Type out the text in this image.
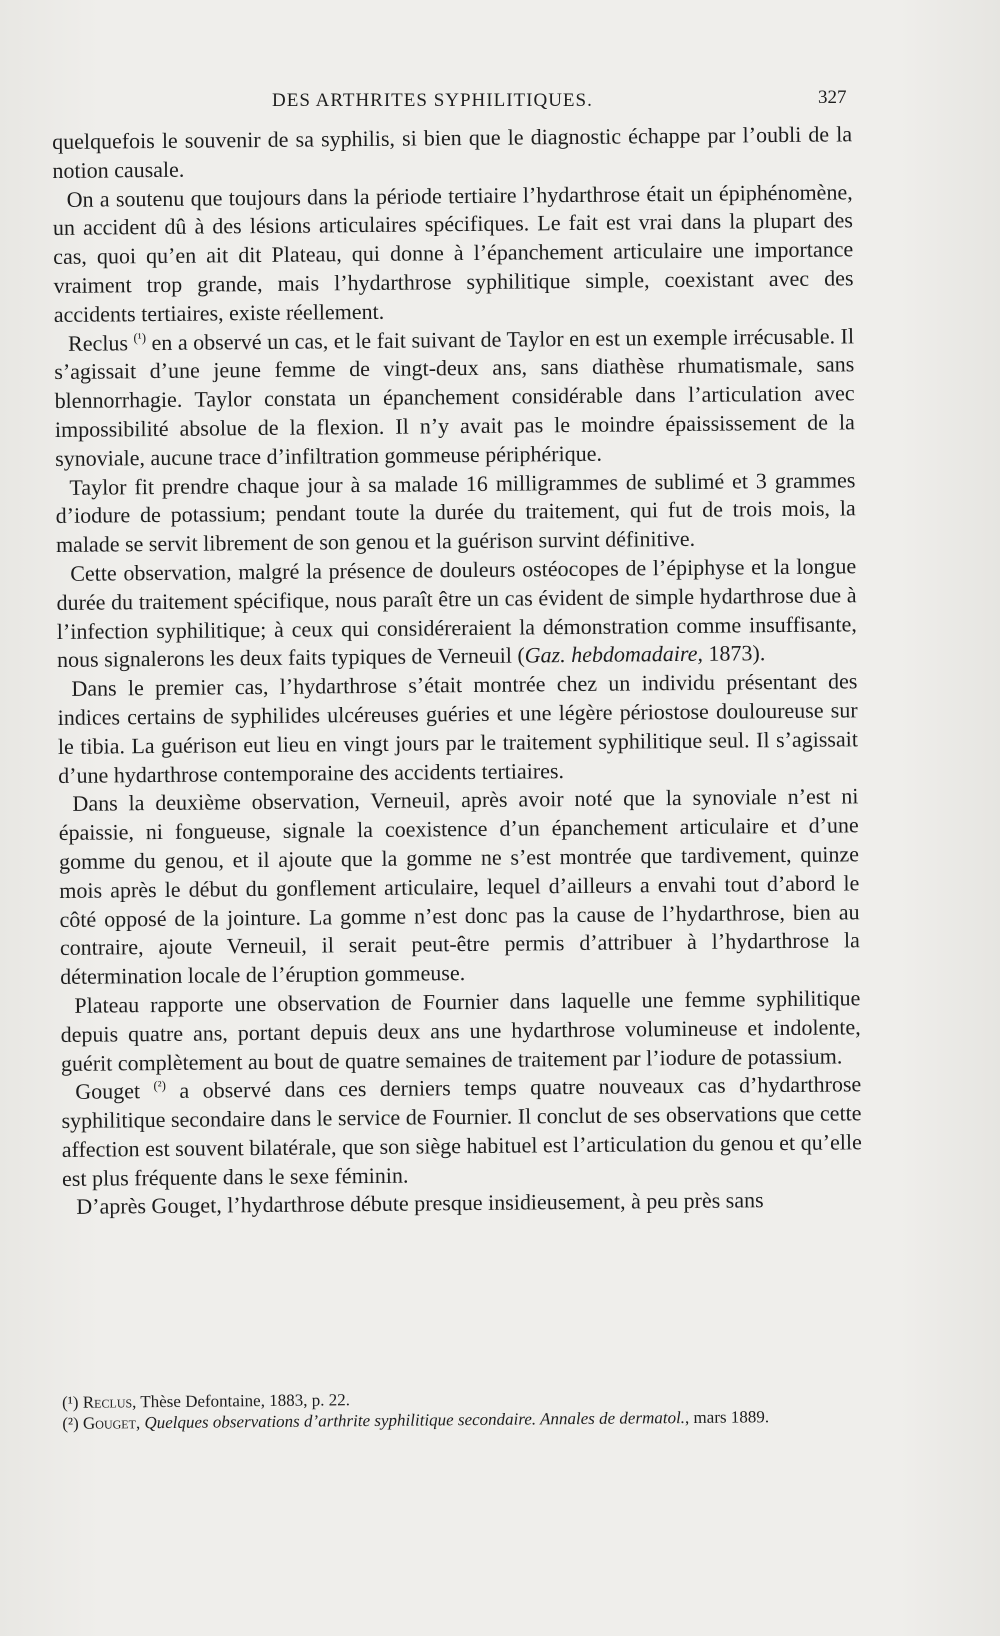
DES ARTHRITES SYPHILITIQUES.	327

quelquefois le souvenir de sa syphilis, si bien que le diagnostic échappe par l’oubli de la notion causale.

On a soutenu que toujours dans la période tertiaire l’hydarthrose était un épiphénomène, un accident dû à des lésions articulaires spécifiques. Le fait est vrai dans la plupart des cas, quoi qu’en ait dit Plateau, qui donne à l’épanchement articulaire une importance vraiment trop grande, mais l’hydarthrose syphilitique simple, coexistant avec des accidents tertiaires, existe réellement.

Reclus $^{(^1)}$ en a observé un cas, et le fait suivant de Taylor en est un exemple irrécusable. Il s’agissait d’une jeune femme de vingt-deux ans, sans diathèse rhumatismale, sans blennorrhagie. Taylor constata un épanchement considérable dans l’articulation avec impossibilité absolue de la flexion. Il n’y avait pas le moindre épaississement de la synoviale, aucune trace d’infiltration gommeuse périphérique.

Taylor fit prendre chaque jour à sa malade 16 milligrammes de sublimé et 3 grammes d’iodure de potassium; pendant toute la durée du traitement, qui fut de trois mois, la malade se servit librement de son genou et la guérison survint définitive.

Cette observation, malgré la présence de douleurs ostéocopes de l’épiphyse et la longue durée du traitement spécifique, nous paraît être un cas évident de simple hydarthrose due à l’infection syphilitique; à ceux qui considéreraient la démonstration comme insuffisante, nous signalerons les deux faits typiques de Verneuil (Gaz. hebdomadaire, 1873).

Dans le premier cas, l’hydarthrose s’était montrée chez un individu présentant des indices certains de syphilides ulcéreuses guéries et une légère périostose douloureuse sur le tibia. La guérison eut lieu en vingt jours par le traitement syphilitique seul. Il s’agissait d’une hydarthrose contemporaine des accidents tertiaires.

Dans la deuxième observation, Verneuil, après avoir noté que la synoviale n’est ni épaissie, ni fongueuse, signale la coexistence d’un épanchement articulaire et d’une gomme du genou, et il ajoute que la gomme ne s’est montrée que tardivement, quinze mois après le début du gonflement articulaire, lequel d’ailleurs a envahi tout d’abord le côté opposé de la jointure. La gomme n’est donc pas la cause de l’hydarthrose, bien au contraire, ajoute Verneuil, il serait peut-être permis d’attribuer à l’hydarthrose la détermination locale de l’éruption gommeuse.

Plateau rapporte une observation de Fournier dans laquelle une femme syphilitique depuis quatre ans, portant depuis deux ans une hydarthrose volumineuse et indolente, guérit complètement au bout de quatre semaines de traitement par l’iodure de potassium.

Gouget $^{(^2)}$ a observé dans ces derniers temps quatre nouveaux cas d’hydarthrose syphilitique secondaire dans le service de Fournier. Il conclut de ses observations que cette affection est souvent bilatérale, que son siège habituel est l’articulation du genou et qu’elle est plus fréquente dans le sexe féminin.

D’après Gouget, l’hydarthrose débute presque insidieusement, à peu près sans

(¹) Reclus, Thèse Defontaine, 1883, p. 22.

(²) Gouget, Quelques observations d’arthrite syphilitique secondaire. Annales de dermatol., mars 1889.
